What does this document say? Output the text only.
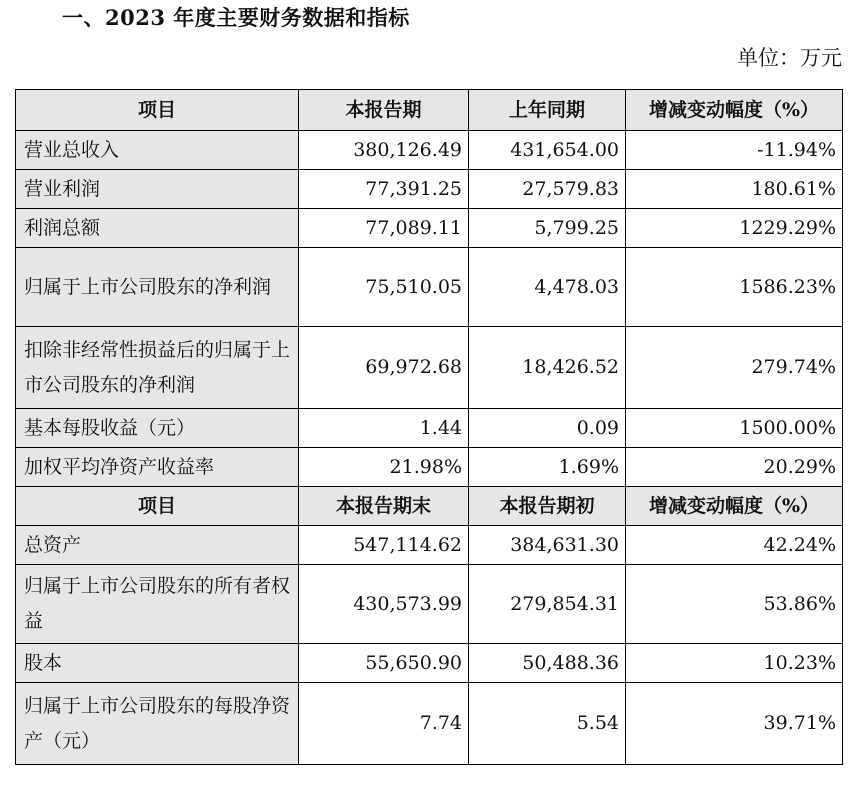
一、2023 年度主要财务数据和指标
单位：万元
项目	本报告期	上年同期	增减变动幅度（%）
营业总收入	380,126.49	431,654.00	-11.94%
营业利润	77,391.25	27,579.83	180.61%
利润总额	77,089.11	5,799.25	1229.29%
归属于上市公司股东的净利润	75,510.05	4,478.03	1586.23%
扣除非经常性损益后的归属于上市公司股东的净利润	69,972.68	18,426.52	279.74%
基本每股收益（元）	1.44	0.09	1500.00%
加权平均净资产收益率	21.98%	1.69%	20.29%
项目	本报告期末	本报告期初	增减变动幅度（%）
总资产	547,114.62	384,631.30	42.24%
归属于上市公司股东的所有者权益	430,573.99	279,854.31	53.86%
股本	55,650.90	50,488.36	10.23%
归属于上市公司股东的每股净资产（元）	7.74	5.54	39.71%
